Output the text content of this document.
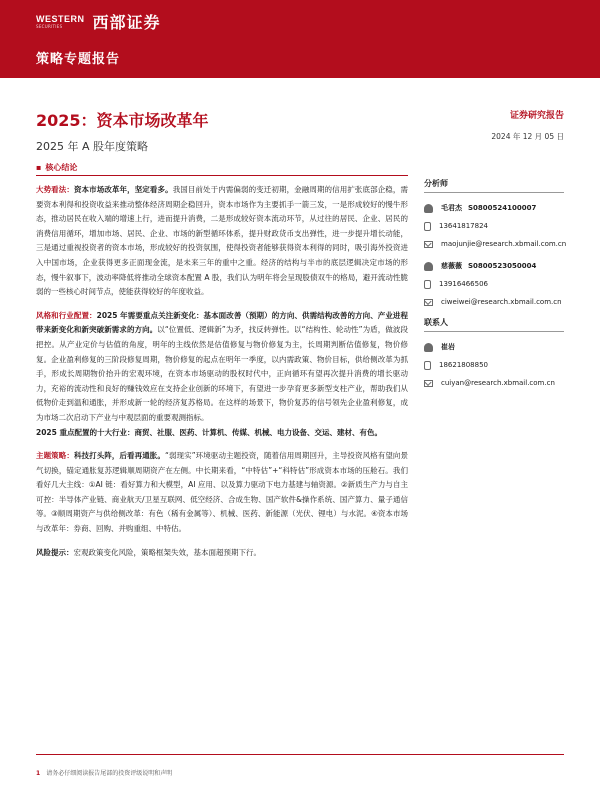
WESTERN
SECURITIES	西部证券
策略专题报告
2025：资本市场改革年
2025 年 A 股年度策略
▪ 核心结论
证券研究报告
2024 年 12 月 05 日
分析师
毛君杰 S0800524100007
13641817824
maojunjie@research.xbmail.com.cn
慈薇薇 S0800523050004
13916466506
ciweiwei@research.xbmail.com.cn
联系人
崔岩
18621808850
cuiyan@research.xbmail.com.cn

大势看法：资本市场改革年，坚定看多。我国目前处于内需偏弱的变迁初期，金融周期的信用扩张底部企稳，需要资本利得和投资收益来推动整体经济周期企稳回升，资本市场作为主要抓手一箭三发，一是形成较好的慢牛形态，推动居民在收入端的增速上行，进而提升消费，二是形成较好资本流动环节，从过往的居民、企业、居民的消费信用循环，增加市场、居民、企业、市场的新型循环体系，提升财政货币支出弹性，进一步提升增长动能，三是通过重视投资者的资本市场，形成较好的投资氛围，使得投资者能够获得资本利得的同时，吸引海外投资进入中国市场，企业获得更多正面现金流，是未来三年的重中之重。经济的结构与半市的底层逻辑决定市场的形态，慢牛叙事下，波动率降低将推动全球资本配置 A 股，我们认为明年将会呈现股债双牛的格局，避开流动性脆弱的一些核心时间节点，使能获得较好的年度收益。

风格和行业配置：2025 年需要重点关注新变化：基本面改善（预期）的方向、供需结构改善的方向、产业进程带来新变化和新突破新需求的方向。以“位置低、逻辑新”为矛，找反转弹性。以“结构性、轮动性”为盾，做波段把控。从产业定价与估值的角度，明年的主线依然是估值修复与物价修复为主，长周期判断估值修复，物价修复。企业盈利修复的三阶段修复周期，物价修复的起点在明年一季度，以内需政策、物价目标，供给侧改革为抓手，形成长周期物价抬升的宏观环境，在资本市场驱动的股权时代中，正向循环有望再次提升消费的增长驱动力，充裕的流动性和良好的赚钱效应在支持企业创新的环境下，有望进一步孕育更多新型支柱产业，帮助我们从低物价走到温和通胀，并形成新一轮的经济复苏格局。在这样的场景下，物价复苏的信号领先企业盈利修复，成为市场二次启动下产业与中观层面的重要观测指标。
2025 重点配置的十大行业：商贸、社服、医药、计算机、传媒、机械、电力设备、交运、建材、有色。

主题策略：科技打头阵，后看再通胀。“弱现实”环境驱动主题投资，随着信用周期回升，主导投资风格有望向景气切换，锚定通胀复苏逻辑顺周期资产在左侧。中长期来看，“中特估”+“科特估”形成资本市场的压舱石。我们看好几大主线：①AI 链：看好算力和大模型，AI 应用、以及算力驱动下电力基建与轴资源。②新质生产力与自主可控：半导体产业链、商业航天/卫星互联网、低空经济、合成生物、国产软件&操作系统、国产算力、量子通信等。③顺周期资产与供给侧改革：有色（稀有金属等）、机械、医药、新能源（光伏、锂电）与水泥。④资本市场与改革年：券商、回购、并购重组、中特估。

风险提示：宏观政策变化风险，策略框架失效，基本面超预期下行。

1 请务必仔细阅读报告尾部的投资评级说明和声明
